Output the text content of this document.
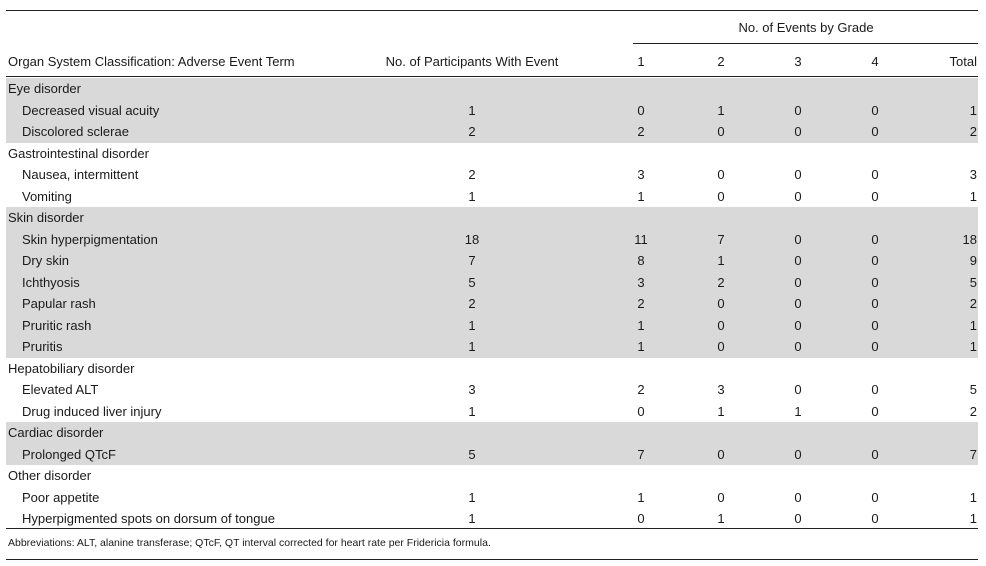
No. of Events by Grade
Organ System Classification: Adverse Event Term	No. of Participants With Event	1	2	3	4	Total
Eye disorder
Decreased visual acuity	1	0	1	0	0	1
Discolored sclerae	2	2	0	0	0	2
Gastrointestinal disorder
Nausea, intermittent	2	3	0	0	0	3
Vomiting	1	1	0	0	0	1
Skin disorder
Skin hyperpigmentation	18	11	7	0	0	18
Dry skin	7	8	1	0	0	9
Ichthyosis	5	3	2	0	0	5
Papular rash	2	2	0	0	0	2
Pruritic rash	1	1	0	0	0	1
Pruritis	1	1	0	0	0	1
Hepatobiliary disorder
Elevated ALT	3	2	3	0	0	5
Drug induced liver injury	1	0	1	1	0	2
Cardiac disorder
Prolonged QTcF	5	7	0	0	0	7
Other disorder
Poor appetite	1	1	0	0	0	1
Hyperpigmented spots on dorsum of tongue	1	0	1	0	0	1
Abbreviations: ALT, alanine transferase; QTcF, QT interval corrected for heart rate per Fridericia formula.
